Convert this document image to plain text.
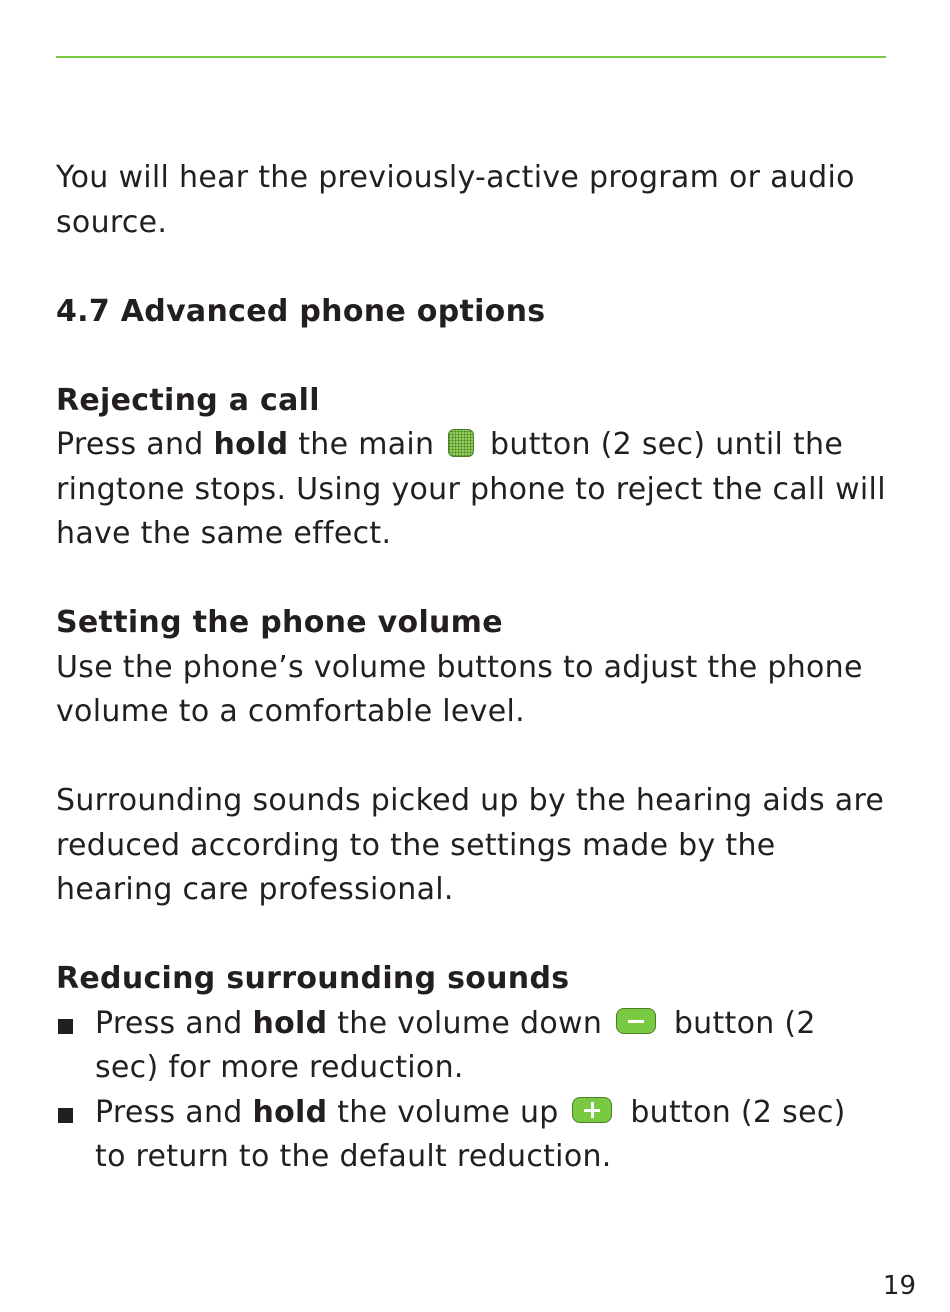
You will hear the previously-active program or audio source.

4.7 Advanced phone options

Rejecting a call

Press and hold the main  button (2 sec) until the ringtone stops. Using your phone to reject the call will have the same effect.

Setting the phone volume

Use the phone’s volume buttons to adjust the phone volume to a comfortable level.

Surrounding sounds picked up by the hearing aids are reduced according to the settings made by the hearing care professional.

Reducing surrounding sounds

Press and hold the volume down  button (2 sec) for more reduction.
Press and hold the volume up  button (2 sec) to return to the default reduction.
19
